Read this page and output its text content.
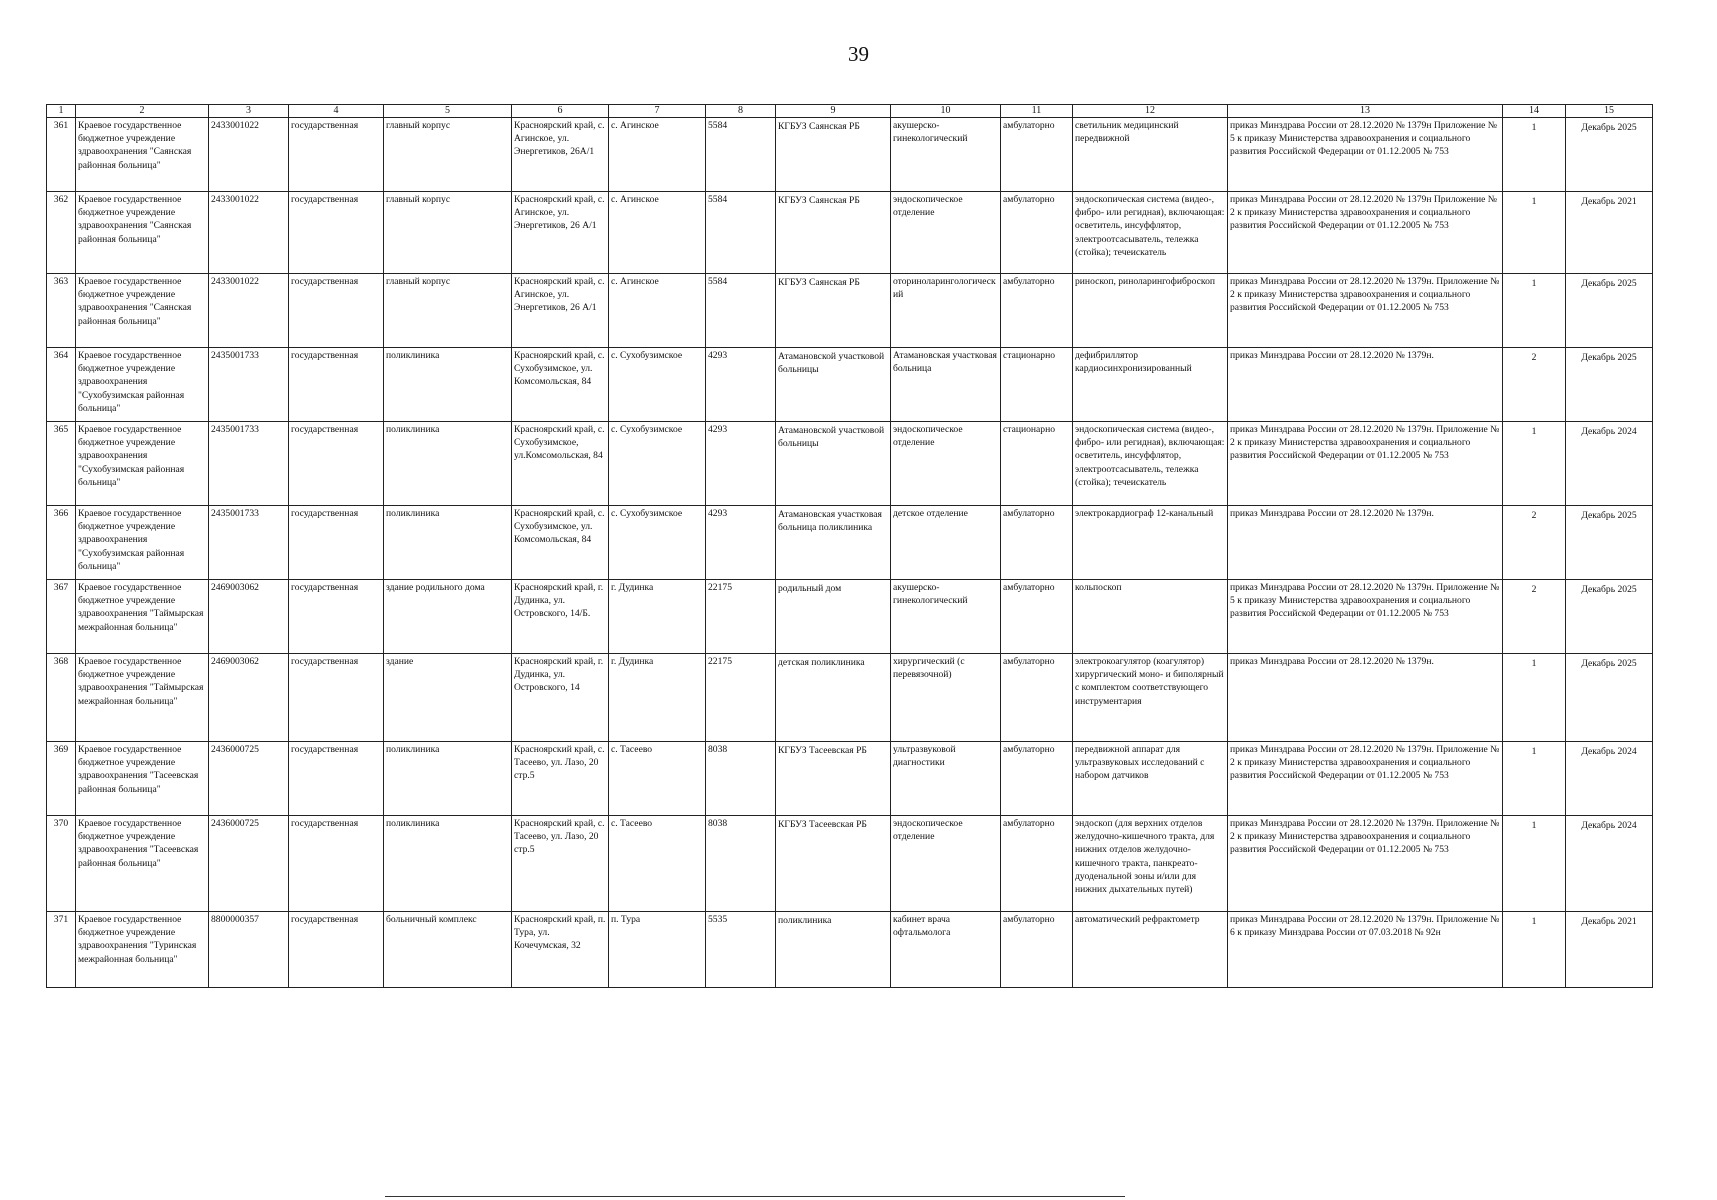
39
1	2	3	4	5	6	7	8	9	10	11	12	13	14	15
361	Краевое государственное бюджетное учреждение здравоохранения "Саянская районная больница"	2433001022	государственная	главный корпус	Красноярский край, с. Агинское, ул. Энергетиков, 26А/1	с. Агинское	5584	КГБУЗ Саянская РБ	акушерско-гинекологический	амбулаторно	светильник медицинский передвижной	приказ Минздрава России от 28.12.2020 № 1379н Приложение № 5 к приказу Министерства здравоохранения и социального развития Российской Федерации от 01.12.2005 № 753	1	Декабрь 2025
362	Краевое государственное бюджетное учреждение здравоохранения "Саянская районная больница"	2433001022	государственная	главный корпус	Красноярский край, с. Агинское, ул. Энергетиков, 26 А/1	с. Агинское	5584	КГБУЗ Саянская РБ	эндоскопическое отделение	амбулаторно	эндоскопическая система (видео-, фибро- или регидная), включающая: осветитель, инсуффлятор, электроотсасыватель, тележка (стойка); течеискатель	приказ Минздрава России от 28.12.2020 № 1379н Приложение № 2 к приказу Министерства здравоохранения и социального развития Российской Федерации от 01.12.2005 № 753	1	Декабрь 2021
363	Краевое государственное бюджетное учреждение здравоохранения "Саянская районная больница"	2433001022	государственная	главный корпус	Красноярский край, с. Агинское, ул. Энергетиков, 26 А/1	с. Агинское	5584	КГБУЗ Саянская РБ	оториноларингологический	амбулаторно	риноскоп, риноларингофиброскоп	приказ Минздрава России от 28.12.2020 № 1379н. Приложение № 2 к приказу Министерства здравоохранения и социального развития Российской Федерации от 01.12.2005 № 753	1	Декабрь 2025
364	Краевое государственное бюджетное учреждение здравоохранения "Сухобузимская районная больница"	2435001733	государственная	поликлиника	Красноярский край, с. Сухобузимское, ул. Комсомольская, 84	с. Сухобузимское	4293	Атамановской участковой больницы	Атамановская участковая больница	стационарно	дефибриллятор кардиосинхронизированный	приказ Минздрава России от 28.12.2020 № 1379н.	2	Декабрь 2025
365	Краевое государственное бюджетное учреждение здравоохранения "Сухобузимская районная больница"	2435001733	государственная	поликлиника	Красноярский край, с. Сухобузимское, ул.Комсомольская, 84	с. Сухобузимское	4293	Атамановской участковой больницы	эндоскопическое отделение	стационарно	эндоскопическая система (видео-, фибро- или регидная), включающая: осветитель, инсуффлятор, электроотсасыватель, тележка (стойка); течеискатель	приказ Минздрава России от 28.12.2020 № 1379н. Приложение № 2 к приказу Министерства здравоохранения и социального развития Российской Федерации от 01.12.2005 № 753	1	Декабрь 2024
366	Краевое государственное бюджетное учреждение здравоохранения "Сухобузимская районная больница"	2435001733	государственная	поликлиника	Красноярский край, с. Сухобузимское, ул. Комсомольская, 84	с. Сухобузимское	4293	Атамановская участковая больница поликлиника	детское отделение	амбулаторно	электрокардиограф 12-канальный	приказ Минздрава России от 28.12.2020 № 1379н.	2	Декабрь 2025
367	Краевое государственное бюджетное учреждение здравоохранения "Таймырская межрайонная больница"	2469003062	государственная	здание родильного дома	Красноярский край, г. Дудинка, ул. Островского, 14/Б.	г. Дудинка	22175	родильный дом	акушерско-гинекологический	амбулаторно	кольпоскоп	приказ Минздрава России от 28.12.2020 № 1379н. Приложение № 5 к приказу Министерства здравоохранения и социального развития Российской Федерации от 01.12.2005 № 753	2	Декабрь 2025
368	Краевое государственное бюджетное учреждение здравоохранения "Таймырская межрайонная больница"	2469003062	государственная	здание	Красноярский край, г. Дудинка, ул. Островского, 14	г. Дудинка	22175	детская поликлиника	хирургический (с перевязочной)	амбулаторно	электрокоагулятор (коагулятор) хирургический моно- и биполярный с комплектом соответствующего инструментария	приказ Минздрава России от 28.12.2020 № 1379н.	1	Декабрь 2025
369	Краевое государственное бюджетное учреждение здравоохранения "Тасеевская районная больница"	2436000725	государственная	поликлиника	Красноярский край, с. Тасеево, ул. Лазо, 20 стр.5	с. Тасеево	8038	КГБУЗ Тасеевская РБ	ультразвуковой диагностики	амбулаторно	передвижной аппарат для ультразвуковых исследований с набором датчиков	приказ Минздрава России от 28.12.2020 № 1379н. Приложение № 2 к приказу Министерства здравоохранения и социального развития Российской Федерации от 01.12.2005 № 753	1	Декабрь 2024
370	Краевое государственное бюджетное учреждение здравоохранения "Тасеевская районная больница"	2436000725	государственная	поликлиника	Красноярский край, с. Тасеево, ул. Лазо, 20 стр.5	с. Тасеево	8038	КГБУЗ Тасеевская РБ	эндоскопическое отделение	амбулаторно	эндоскоп (для верхних отделов желудочно-кишечного тракта, для нижних отделов желудочно-кишечного тракта, панкреато-дуоденальной зоны и/или для нижних дыхательных путей)	приказ Минздрава России от 28.12.2020 № 1379н. Приложение № 2 к приказу Министерства здравоохранения и социального развития Российской Федерации от 01.12.2005 № 753	1	Декабрь 2024
371	Краевое государственное бюджетное учреждение здравоохранения "Туринская межрайонная больница"	8800000357	государственная	больничный комплекс	Красноярский край, п. Тура, ул. Кочечумская, 32	п. Тура	5535	поликлиника	кабинет врача офтальмолога	амбулаторно	автоматический рефрактометр	приказ Минздрава России от 28.12.2020 № 1379н. Приложение № 6 к приказу Минздрава России от 07.03.2018 № 92н	1	Декабрь 2021
